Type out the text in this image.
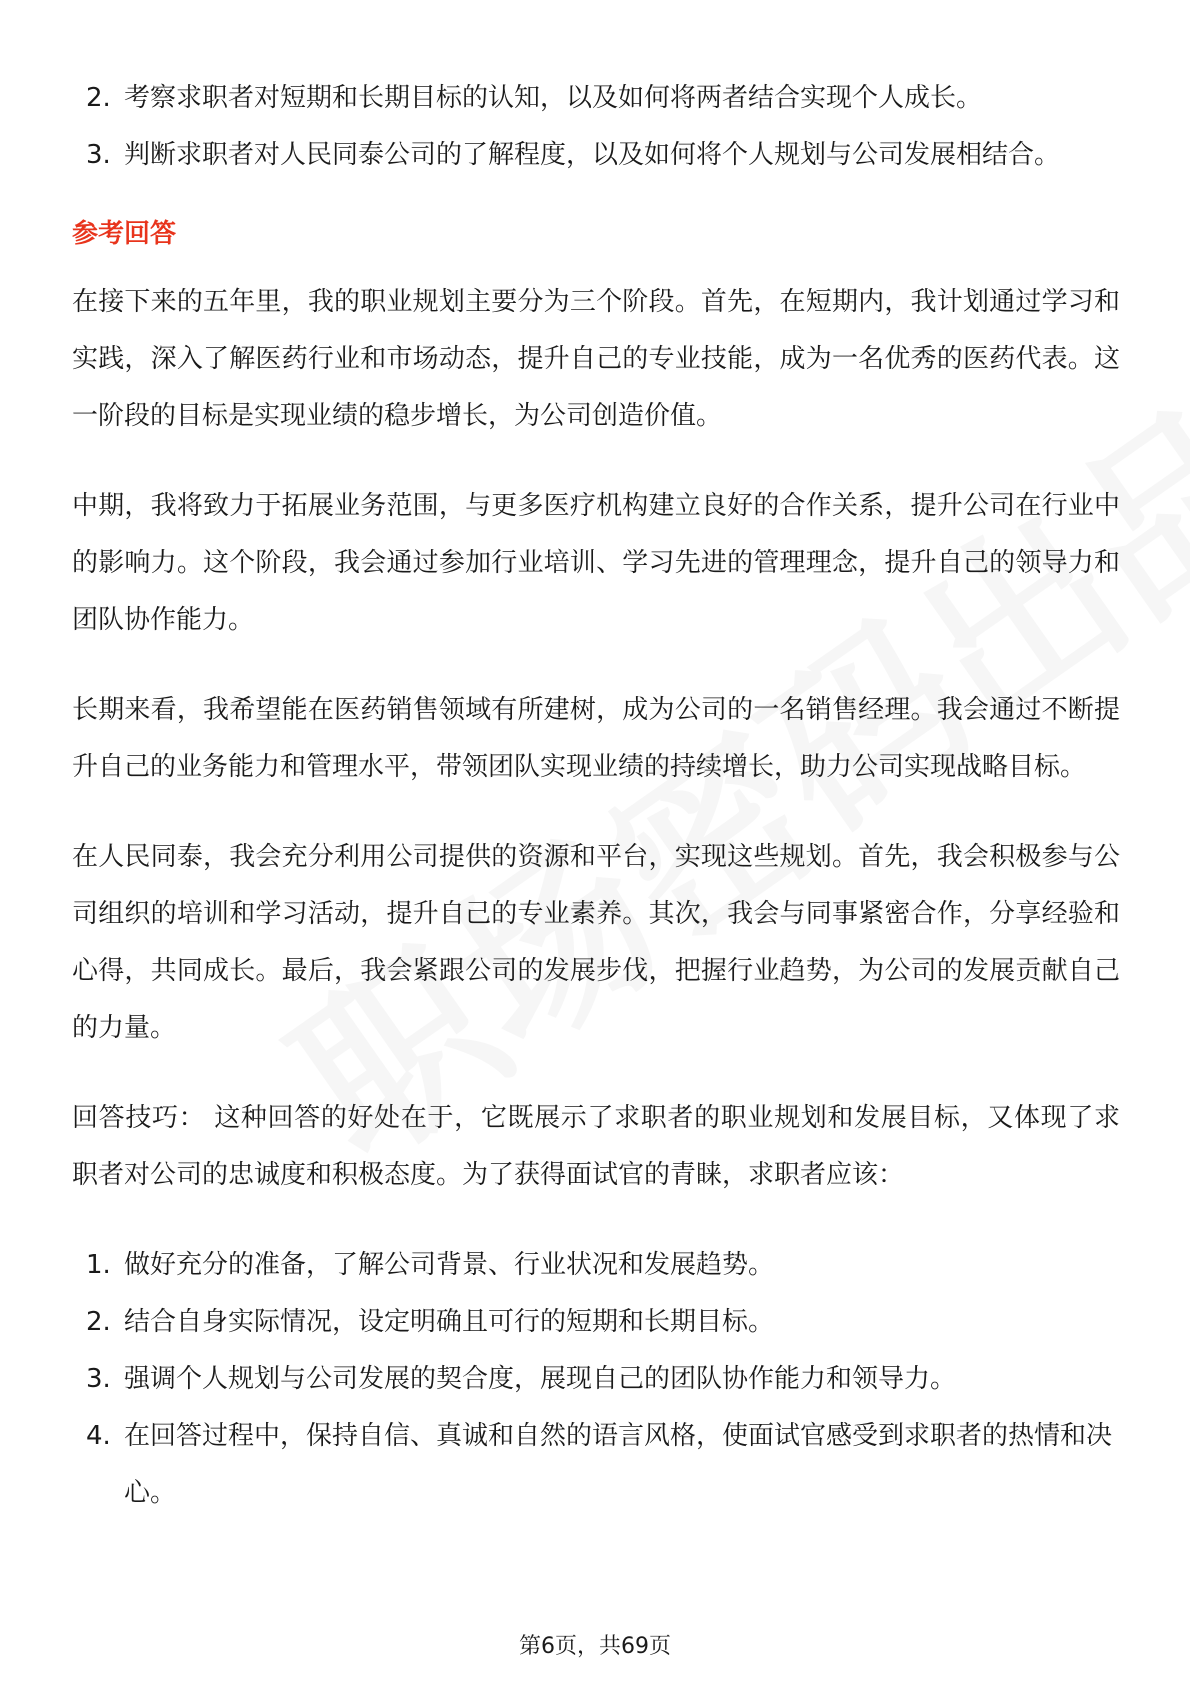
2. 考察求职者对短期和长期目标的认知，以及如何将两者结合实现个人成长。
3. 判断求职者对人民同泰公司的了解程度，以及如何将个人规划与公司发展相结合。
参考回答

在接下来的五年里，我的职业规划主要分为三个阶段。首先，在短期内，我计划通过学习和实践，深入了解医药行业和市场动态，提升自己的专业技能，成为一名优秀的医药代表。这一阶段的目标是实现业绩的稳步增长，为公司创造价值。

中期，我将致力于拓展业务范围，与更多医疗机构建立良好的合作关系，提升公司在行业中的影响力。这个阶段，我会通过参加行业培训、学习先进的管理理念，提升自己的领导力和团队协作能力。

长期来看，我希望能在医药销售领域有所建树，成为公司的一名销售经理。我会通过不断提升自己的业务能力和管理水平，带领团队实现业绩的持续增长，助力公司实现战略目标。

在人民同泰，我会充分利用公司提供的资源和平台，实现这些规划。首先，我会积极参与公司组织的培训和学习活动，提升自己的专业素养。其次，我会与同事紧密合作，分享经验和心得，共同成长。最后，我会紧跟公司的发展步伐，把握行业趋势，为公司的发展贡献自己的力量。

回答技巧： 这种回答的好处在于，它既展示了求职者的职业规划和发展目标，又体现了求职者对公司的忠诚度和积极态度。为了获得面试官的青睐，求职者应该：

1. 做好充分的准备，了解公司背景、行业状况和发展趋势。
2. 结合自身实际情况，设定明确且可行的短期和长期目标。
3. 强调个人规划与公司发展的契合度，展现自己的团队协作能力和领导力。
4. 在回答过程中，保持自信、真诚和自然的语言风格，使面试官感受到求职者的热情和决心。
第6页，共69页
